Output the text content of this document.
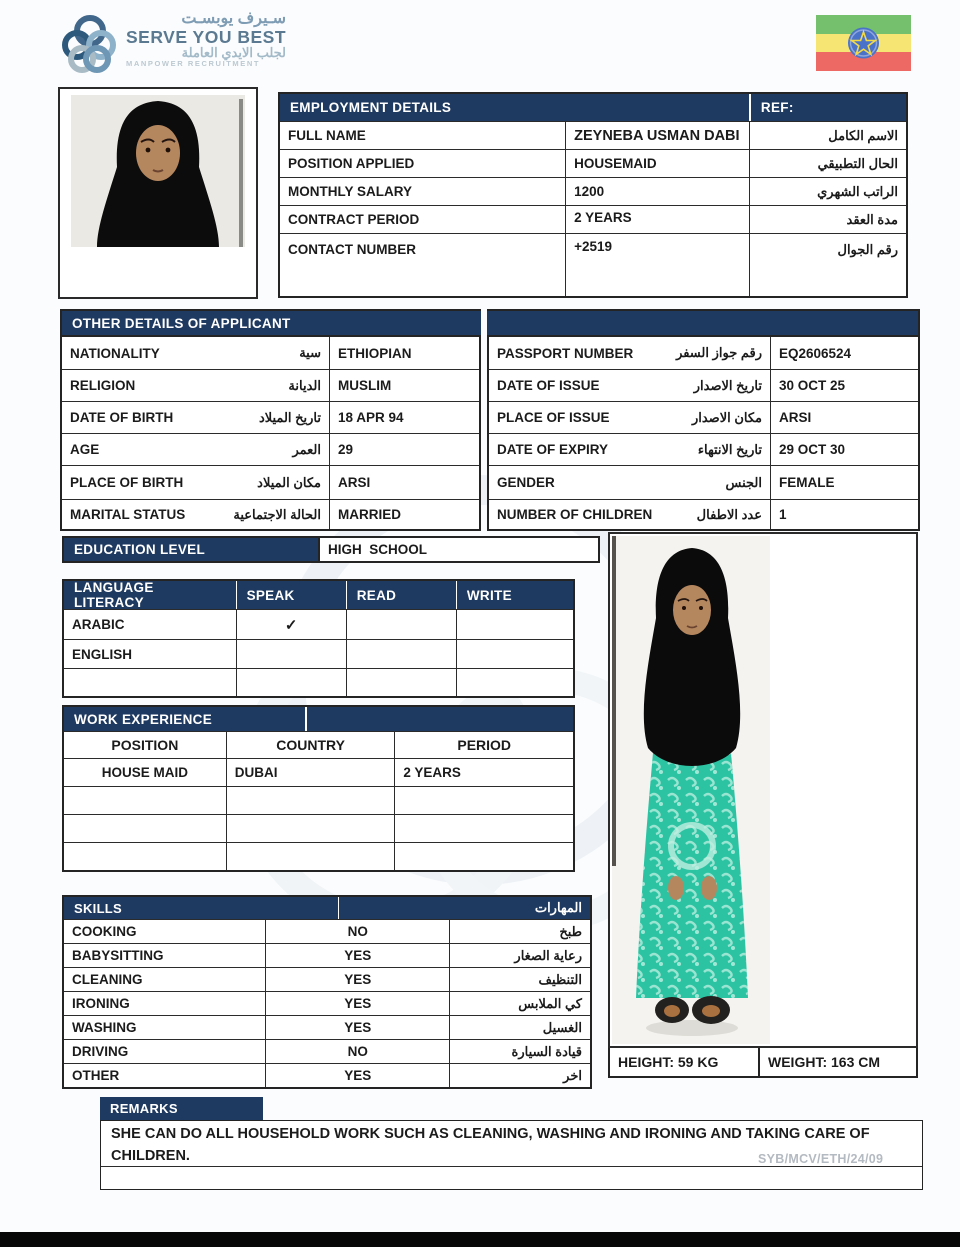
سـيرف يوبسـت
SERVE YOU BEST
لجلب الايدي العاملة
MANPOWER RECRUITMENT
EMPLOYMENT DETAILS	REF:
FULL NAME	ZEYNEBA USMAN DABI	الاسم الكامل
POSITION APPLIED	HOUSEMAID	الحال التطبيقي
MONTHLY SALARY	1200	الراتب الشهري
CONTRACT PERIOD	2 YEARS	مدة العقد
CONTACT NUMBER	+2519	رقم الجوال
OTHER DETAILS OF APPLICANT
NATIONALITY	سية ETHIOPIAN
RELIGION	الديانة MUSLIM
DATE OF BIRTH	تاريخ الميلاد 18 APR 94
AGE	العمر 29
PLACE OF BIRTH	مكان الميلاد ARSI
MARITAL STATUS	الحالة الاجتماعية MARRIED
PASSPORT NUMBER	رقم جواز السفر EQ2606524
DATE OF ISSUE	تاريخ الاصدار 30 OCT 25
PLACE OF ISSUE	مكان الاصدار ARSI
DATE OF EXPIRY	تاريخ الانتهاء 29 OCT 30
GENDER	الجنس FEMALE
NUMBER OF CHILDREN	عدد الاطفال 1
EDUCATION LEVEL	HIGH  SCHOOL
LANGUAGE LITERACY	SPEAK	READ	WRITE
ARABIC	✓
ENGLISH
WORK EXPERIENCE
POSITION	COUNTRY	PERIOD
HOUSE MAID	DUBAI	2 YEARS
SKILLS	المهارات
COOKING	NO	طبخ
BABYSITTING	YES	رعاية الصغار
CLEANING	YES	التنظيف
IRONING	YES	كي الملابس
WASHING	YES	الغسيل
DRIVING	NO	قيادة السيارة
OTHER	YES	اخر
HEIGHT: 59 KG	WEIGHT: 163 CM
REMARKS
SHE CAN DO ALL HOUSEHOLD WORK SUCH AS CLEANING, WASHING AND IRONING AND TAKING CARE OF CHILDREN.	SYB/MCV/ETH/24/09
